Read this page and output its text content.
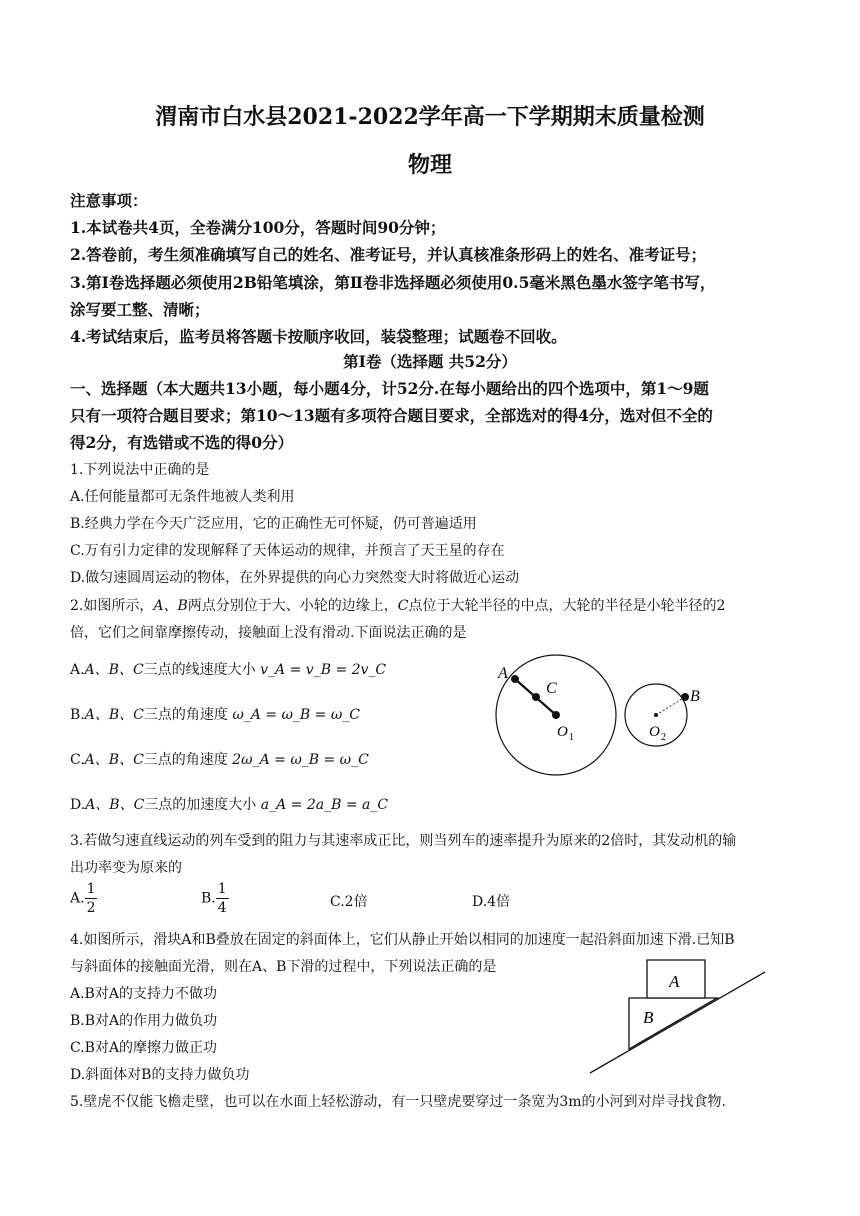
渭南市白水县2021-2022学年高一下学期期末质量检测
物理
注意事项：
1.本试卷共4页，全卷满分100分，答题时间90分钟；
2.答卷前，考生须准确填写自己的姓名、准考证号，并认真核准条形码上的姓名、准考证号；
3.第Ⅰ卷选择题必须使用2B铅笔填涂，第Ⅱ卷非选择题必须使用0.5毫米黑色墨水签字笔书写，
涂写要工整、清晰；
4.考试结束后，监考员将答题卡按顺序收回，装袋整理；试题卷不回收。
第Ⅰ卷（选择题 共52分）
一、选择题（本大题共13小题，每小题4分，计52分.在每小题给出的四个选项中，第1～9题
只有一项符合题目要求；第10～13题有多项符合题目要求，全部选对的得4分，选对但不全的
得2分，有选错或不选的得0分）
1.下列说法中正确的是
A.任何能量都可无条件地被人类利用
B.经典力学在今天广泛应用，它的正确性无可怀疑，仍可普遍适用
C.万有引力定律的发现解释了天体运动的规律，并预言了天王星的存在
D.做匀速圆周运动的物体，在外界提供的向心力突然变大时将做近心运动
2.如图所示，A、B两点分别位于大、小轮的边缘上，C点位于大轮半径的中点，大轮的半径是小轮半径的2
倍，它们之间靠摩擦传动，接触面上没有滑动.下面说法正确的是
A.A、B、C三点的线速度大小 v_A = v_B = 2v_C
B.A、B、C三点的角速度 ω_A = ω_B = ω_C
C.A、B、C三点的角速度 2ω_A = ω_B = ω_C
D.A、B、C三点的加速度大小 a_A = 2a_B = a_C
A
C	B
O 1	O 2
3.若做匀速直线运动的列车受到的阻力与其速率成正比，则当列车的速率提升为原来的2倍时，其发动机的输
出功率变为原来的
A. $\frac{1}{2}$	B. $\frac{1}{4}$	C.2倍	D.4倍
4.如图所示，滑块A和B叠放在固定的斜面体上，它们从静止开始以相同的加速度一起沿斜面加速下滑.已知B
与斜面体的接触面光滑，则在A、B下滑的过程中，下列说法正确的是
A.B对A的支持力不做功
B.B对A的作用力做负功
C.B对A的摩擦力做正功
D.斜面体对B的支持力做负功
A
B
5.壁虎不仅能飞檐走壁，也可以在水面上轻松游动，有一只壁虎要穿过一条宽为3m的小河到对岸寻找食物.
